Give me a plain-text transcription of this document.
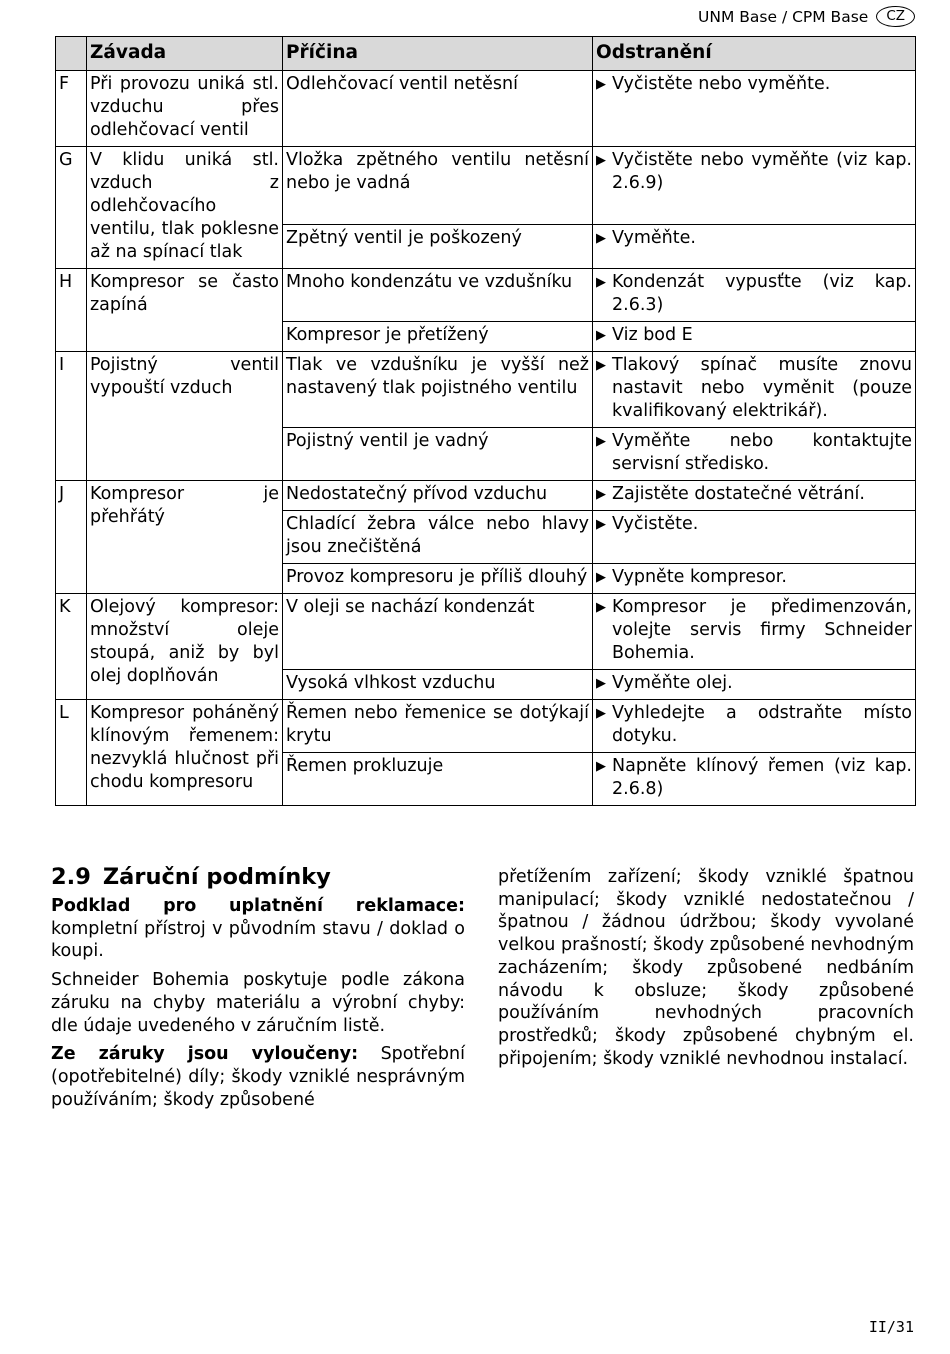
UNM Base / CPM Base	CZ
	Závada	Příčina	Odstranění
F	Při provozu uniká stl. vzduchu přes odlehčovací ventil	Odlehčovací ventil netěsní	▶ Vyčistěte nebo vyměňte.

G	V klidu uniká stl. vzduch z odlehčovacího ventilu, tlak poklesne až na spínací tlak	Vložka zpětného ventilu netěsní nebo je vadná	▶ Vyčistěte nebo vyměňte (viz kap. 2.6.9)

		Zpětný ventil je poškozený	▶ Vyměňte.

H	Kompresor se často zapíná	Mnoho kondenzátu ve vzdušníku	▶ Kondenzát vypusťte (viz kap. 2.6.3)

		Kompresor je přetížený	▶ Viz bod E

I	Pojistný ventil vypouští vzduch	Tlak ve vzdušníku je vyšší než nastavený tlak pojistného ventilu	▶ Tlakový spínač musíte znovu nastavit nebo vyměnit (pouze kvalifikovaný elektrikář).

		Pojistný ventil je vadný	▶ Vyměňte nebo kontaktujte servisní středisko.

J	Kompresor je přehřátý	Nedostatečný přívod vzduchu	▶ Zajistěte dostatečné větrání.

		Chladící žebra válce nebo hlavy jsou znečištěná	▶ Vyčistěte.

		Provoz kompresoru je příliš dlouhý	▶ Vypněte kompresor.

K	Olejový kompresor: množství oleje stoupá, aniž by byl olej doplňován	V oleji se nachází kondenzát	▶ Kompresor je předimenzován, volejte servis firmy Schneider Bohemia.

		Vysoká vlhkost vzduchu	▶ Vyměňte olej.

L	Kompresor poháněný klínovým řemenem: nezvyklá hlučnost při chodu kompresoru	Řemen nebo řemenice se dotýkají krytu	▶ Vyhledejte a odstraňte místo dotyku.

		Řemen prokluzuje	▶ Napněte klínový řemen (viz kap. 2.6.8)
2.9 Záruční podmínky

Podklad pro uplatnění reklamace: kompletní přístroj v původním stavu / doklad o koupi.

Schneider Bohemia poskytuje podle zákona záruku na chyby materiálu a výrobní chyby: dle údaje uvedeného v záručním listě.

Ze záruky jsou vyloučeny: Spotřební (opotřebitelné) díly; škody vzniklé nesprávným používáním; škody způsobené

přetížením zařízení; škody vzniklé špatnou manipulací; škody vzniklé nedostatečnou / špatnou / žádnou údržbou; škody vyvolané velkou prašností; škody způsobené nevhodným zacházením; škody způsobené nedbáním návodu k obsluze; škody způsobené používáním nevhodných pracovních prostředků; škody způsobené chybným el. připojením; škody vzniklé nevhodnou instalací.
II/31
